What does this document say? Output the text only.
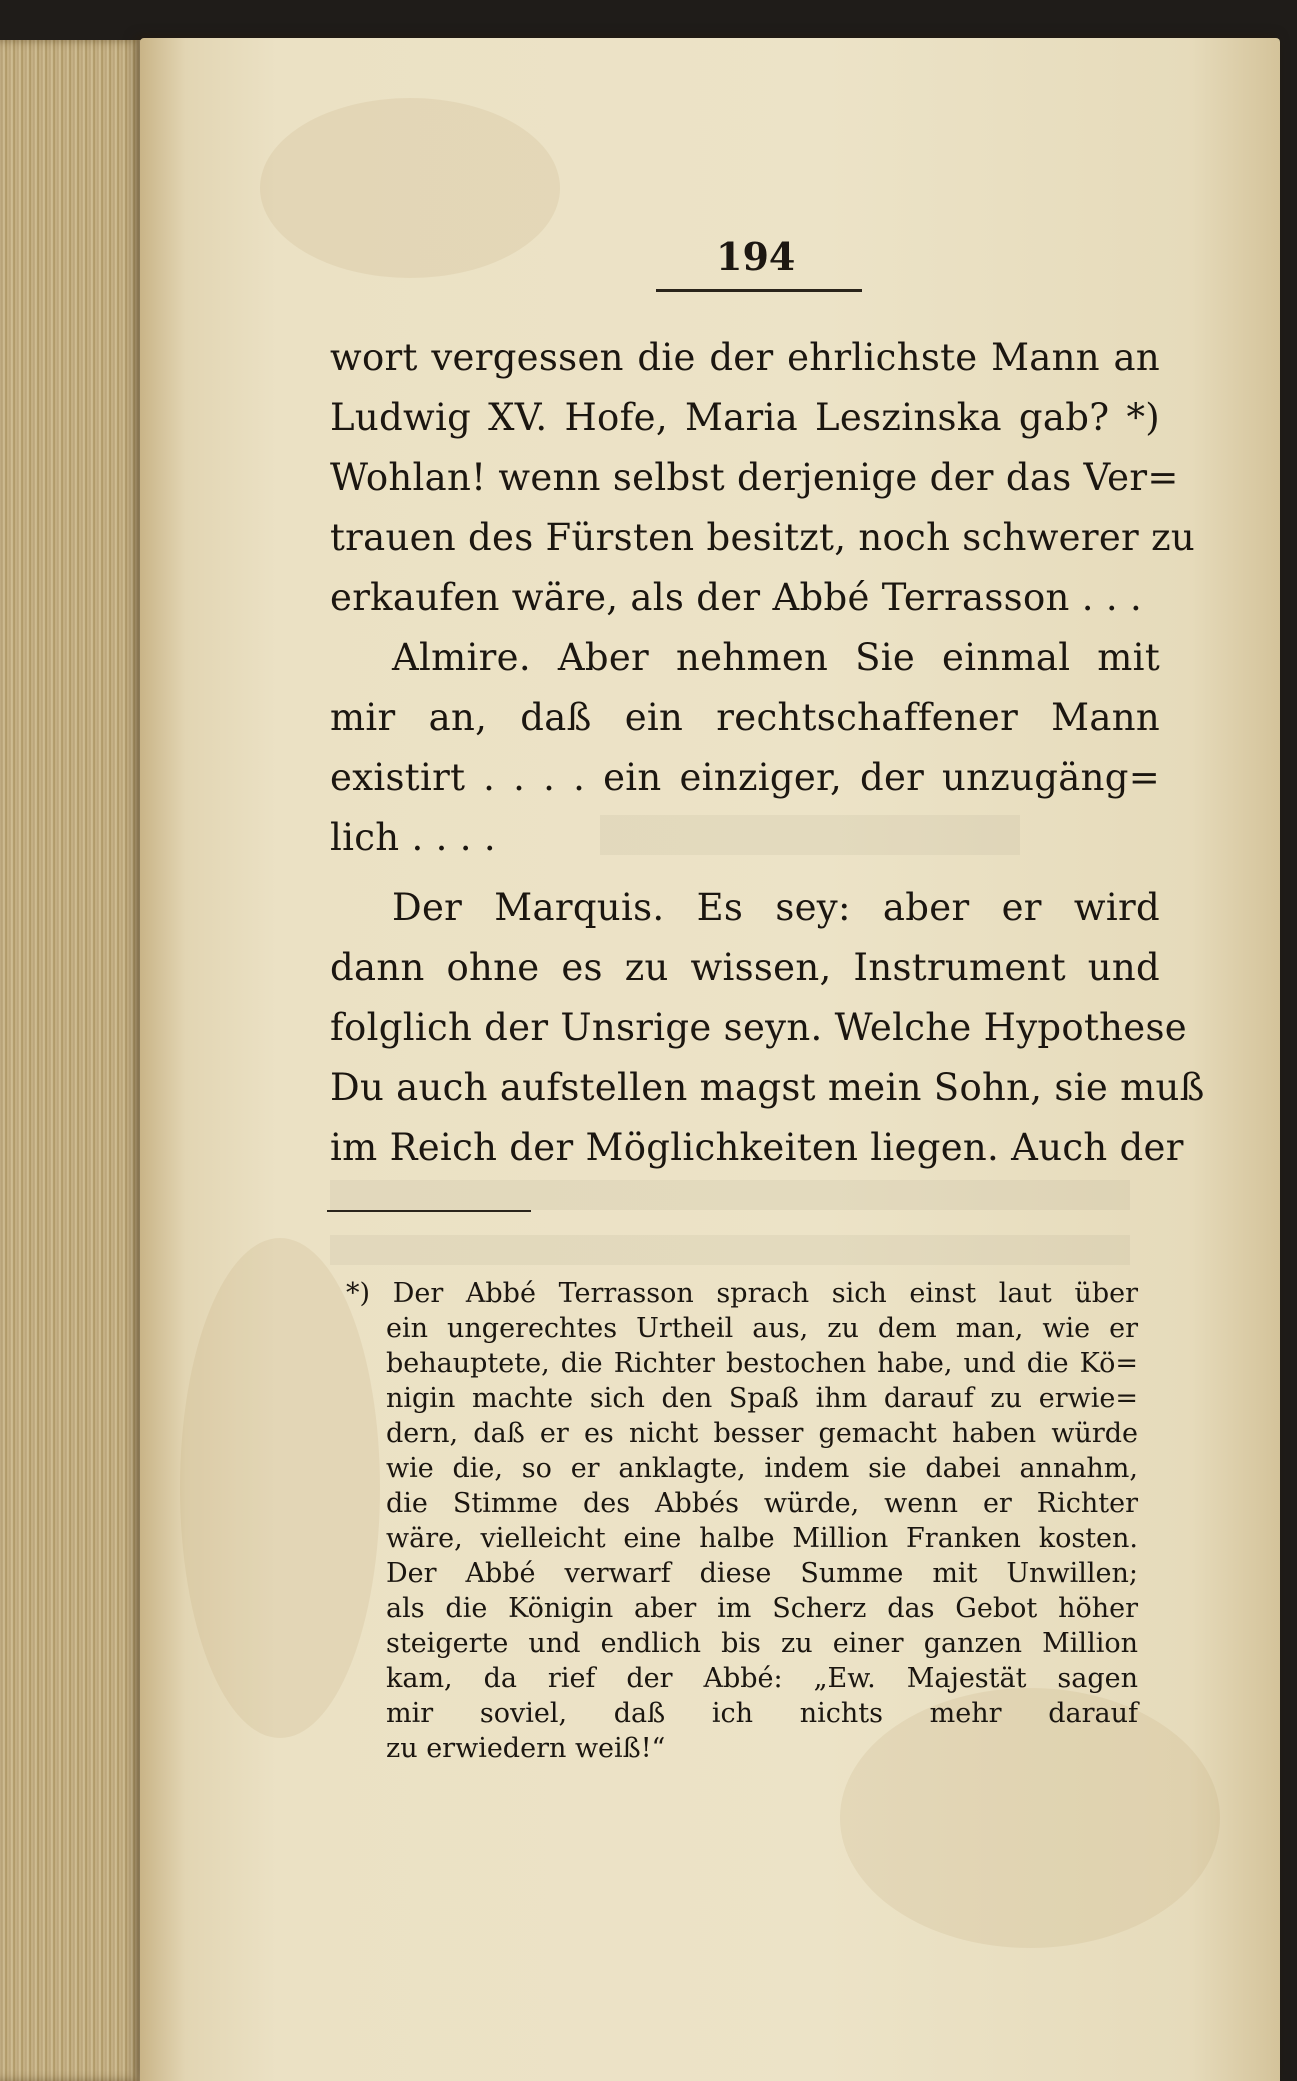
194
wort vergessen die der ehrlichste Mann an
Ludwig XV. Hofe, Maria Leszinska gab? *)
Wohlan! wenn selbst derjenige der das Ver=
trauen des Fürsten besitzt, noch schwerer zu
erkaufen wäre, als der Abbé Terrasson . . .
Almire. Aber nehmen Sie einmal mit
mir an, daß ein rechtschaffener Mann
existirt . . . . ein einziger, der unzugäng=
lich . . . .
Der Marquis. Es sey: aber er wird
dann ohne es zu wissen, Instrument und
folglich der Unsrige seyn. Welche Hypothese
Du auch aufstellen magst mein Sohn, sie muß
im Reich der Möglichkeiten liegen. Auch der
*) Der Abbé Terrasson sprach sich einst laut über
ein ungerechtes Urtheil aus, zu dem man, wie er
behauptete, die Richter bestochen habe, und die Kö=
nigin machte sich den Spaß ihm darauf zu erwie=
dern, daß er es nicht besser gemacht haben würde
wie die, so er anklagte, indem sie dabei annahm,
die Stimme des Abbés würde, wenn er Richter
wäre, vielleicht eine halbe Million Franken kosten.
Der Abbé verwarf diese Summe mit Unwillen;
als die Königin aber im Scherz das Gebot höher
steigerte und endlich bis zu einer ganzen Million
kam, da rief der Abbé: „Ew. Majestät sagen
mir soviel, daß ich nichts mehr darauf
zu erwiedern weiß!“
